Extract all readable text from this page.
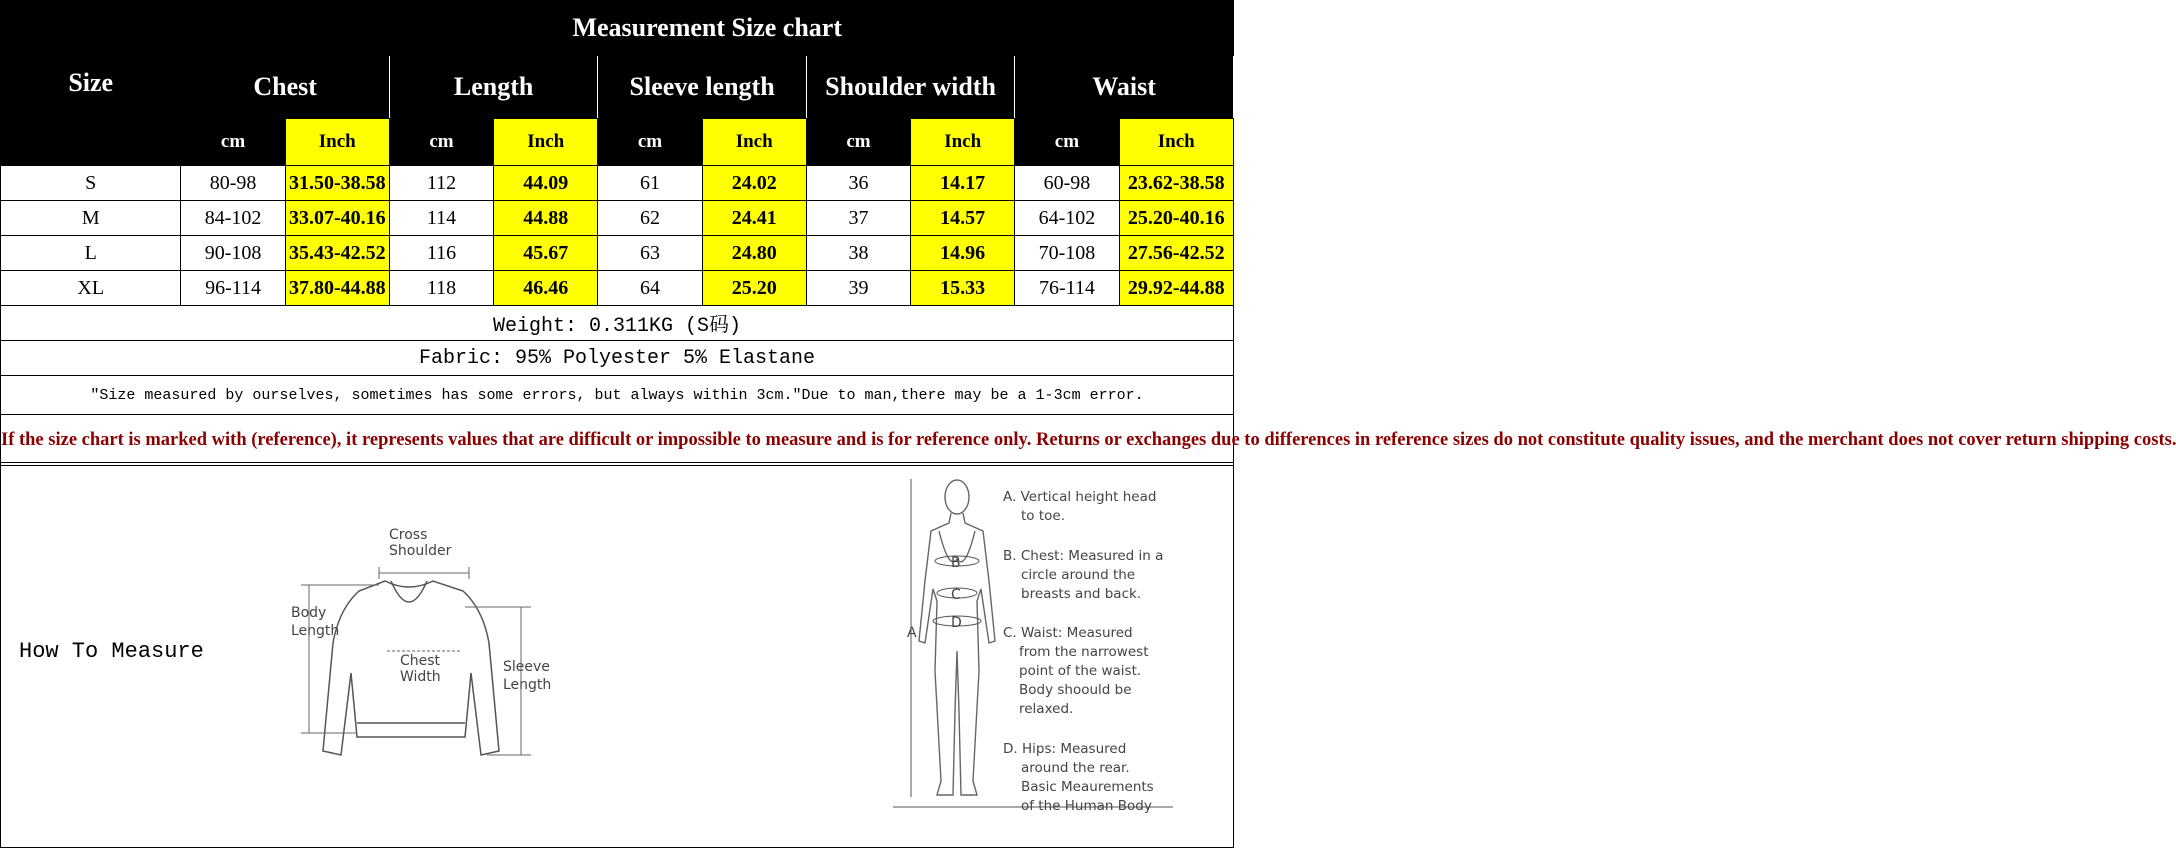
Size	Measurement Size chart									
	Chest		Length		Sleeve length		Shoulder width		Waist	
	cm	Inch	cm	Inch	cm	Inch	cm	Inch	cm	Inch
S	80-98	31.50-38.58	112	44.09	61	24.02	36	14.17	60-98	23.62-38.58
M	84-102	33.07-40.16	114	44.88	62	24.41	37	14.57	64-102	25.20-40.16
L	90-108	35.43-42.52	116	45.67	63	24.80	38	14.96	70-108	27.56-42.52
XL	96-114	37.80-44.88	118	46.46	64	25.20	39	15.33	76-114	29.92-44.88
Weight: 0.311KG (S码)										
Fabric: 95% Polyester 5% Elastane										
"Size measured by ourselves, sometimes has some errors, but always within 3cm."Due to man,there may be a 1-3cm error.										
If the size chart is marked with (reference), it represents values that are difficult or impossible to measure and is for reference only. Returns or exchanges due to differences in reference sizes do not constitute quality issues, and the merchant does not cover return shipping costs.										
How To Measure
Cross
Shoulder
Body
Length
Chest
Width
Sleeve
Length
B
C
D
A
A. Vertical height head
to toe.
B. Chest: Measured in a
circle around the
breasts and back.
C. Waist: Measured
from the narrowest
point of the waist.
Body shoould be
relaxed.
D. Hips: Measured
around the rear.
Basic Meaurements
of the Human Body
